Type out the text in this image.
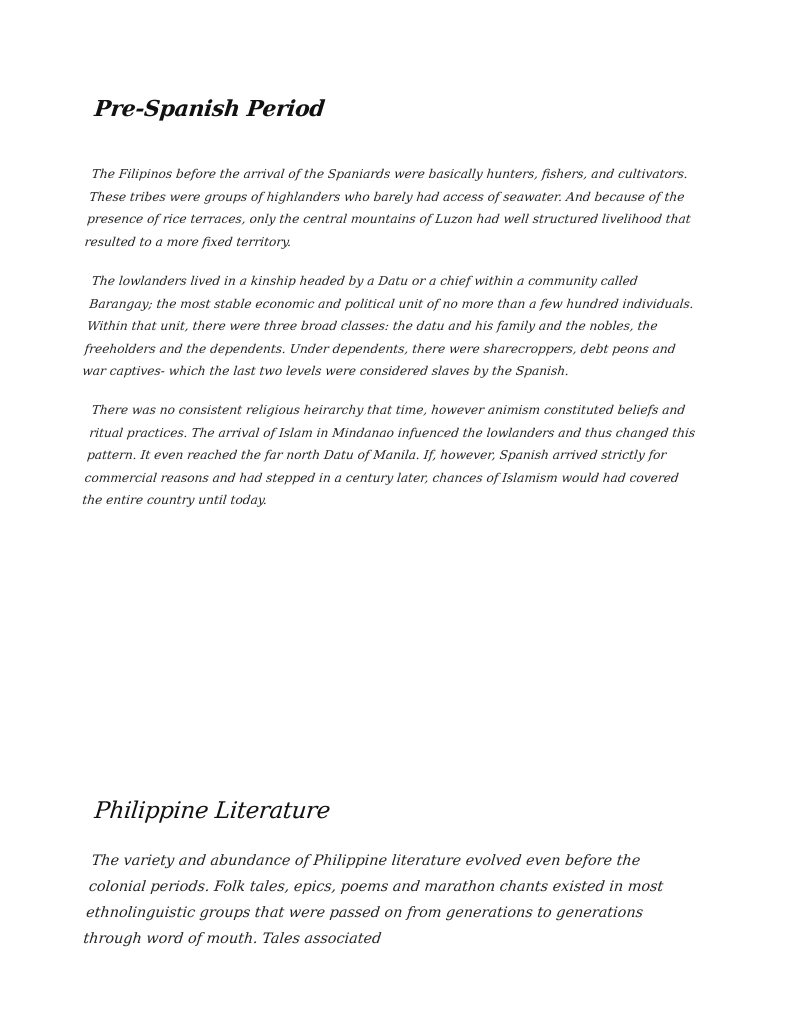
Pre-Spanish Period

The Filipinos before the arrival of the Spaniards were basically hunters, fishers, and cultivators. These tribes were groups of highlanders who barely had access of seawater. And because of the presence of rice terraces, only the central mountains of Luzon had well structured livelihood that resulted to a more fixed territory.

The lowlanders lived in a kinship headed by a Datu or a chief within a community called Barangay; the most stable economic and political unit of no more than a few hundred individuals. Within that unit, there were three broad classes: the datu and his family and the nobles, the freeholders and the dependents. Under dependents, there were sharecroppers, debt peons and war captives- which the last two levels were considered slaves by the Spanish.

There was no consistent religious heirarchy that time, however animism constituted beliefs and ritual practices. The arrival of Islam in Mindanao infuenced the lowlanders and thus changed this pattern. It even reached the far north Datu of Manila. If, however, Spanish arrived strictly for commercial reasons and had stepped in a century later, chances of Islamism would had covered the entire country until today.

Philippine Literature

The variety and abundance of Philippine literature evolved even before the colonial periods. Folk tales, epics, poems and marathon chants existed in most ethnolinguistic groups that were passed on from generations to generations through word of mouth. Tales associated
